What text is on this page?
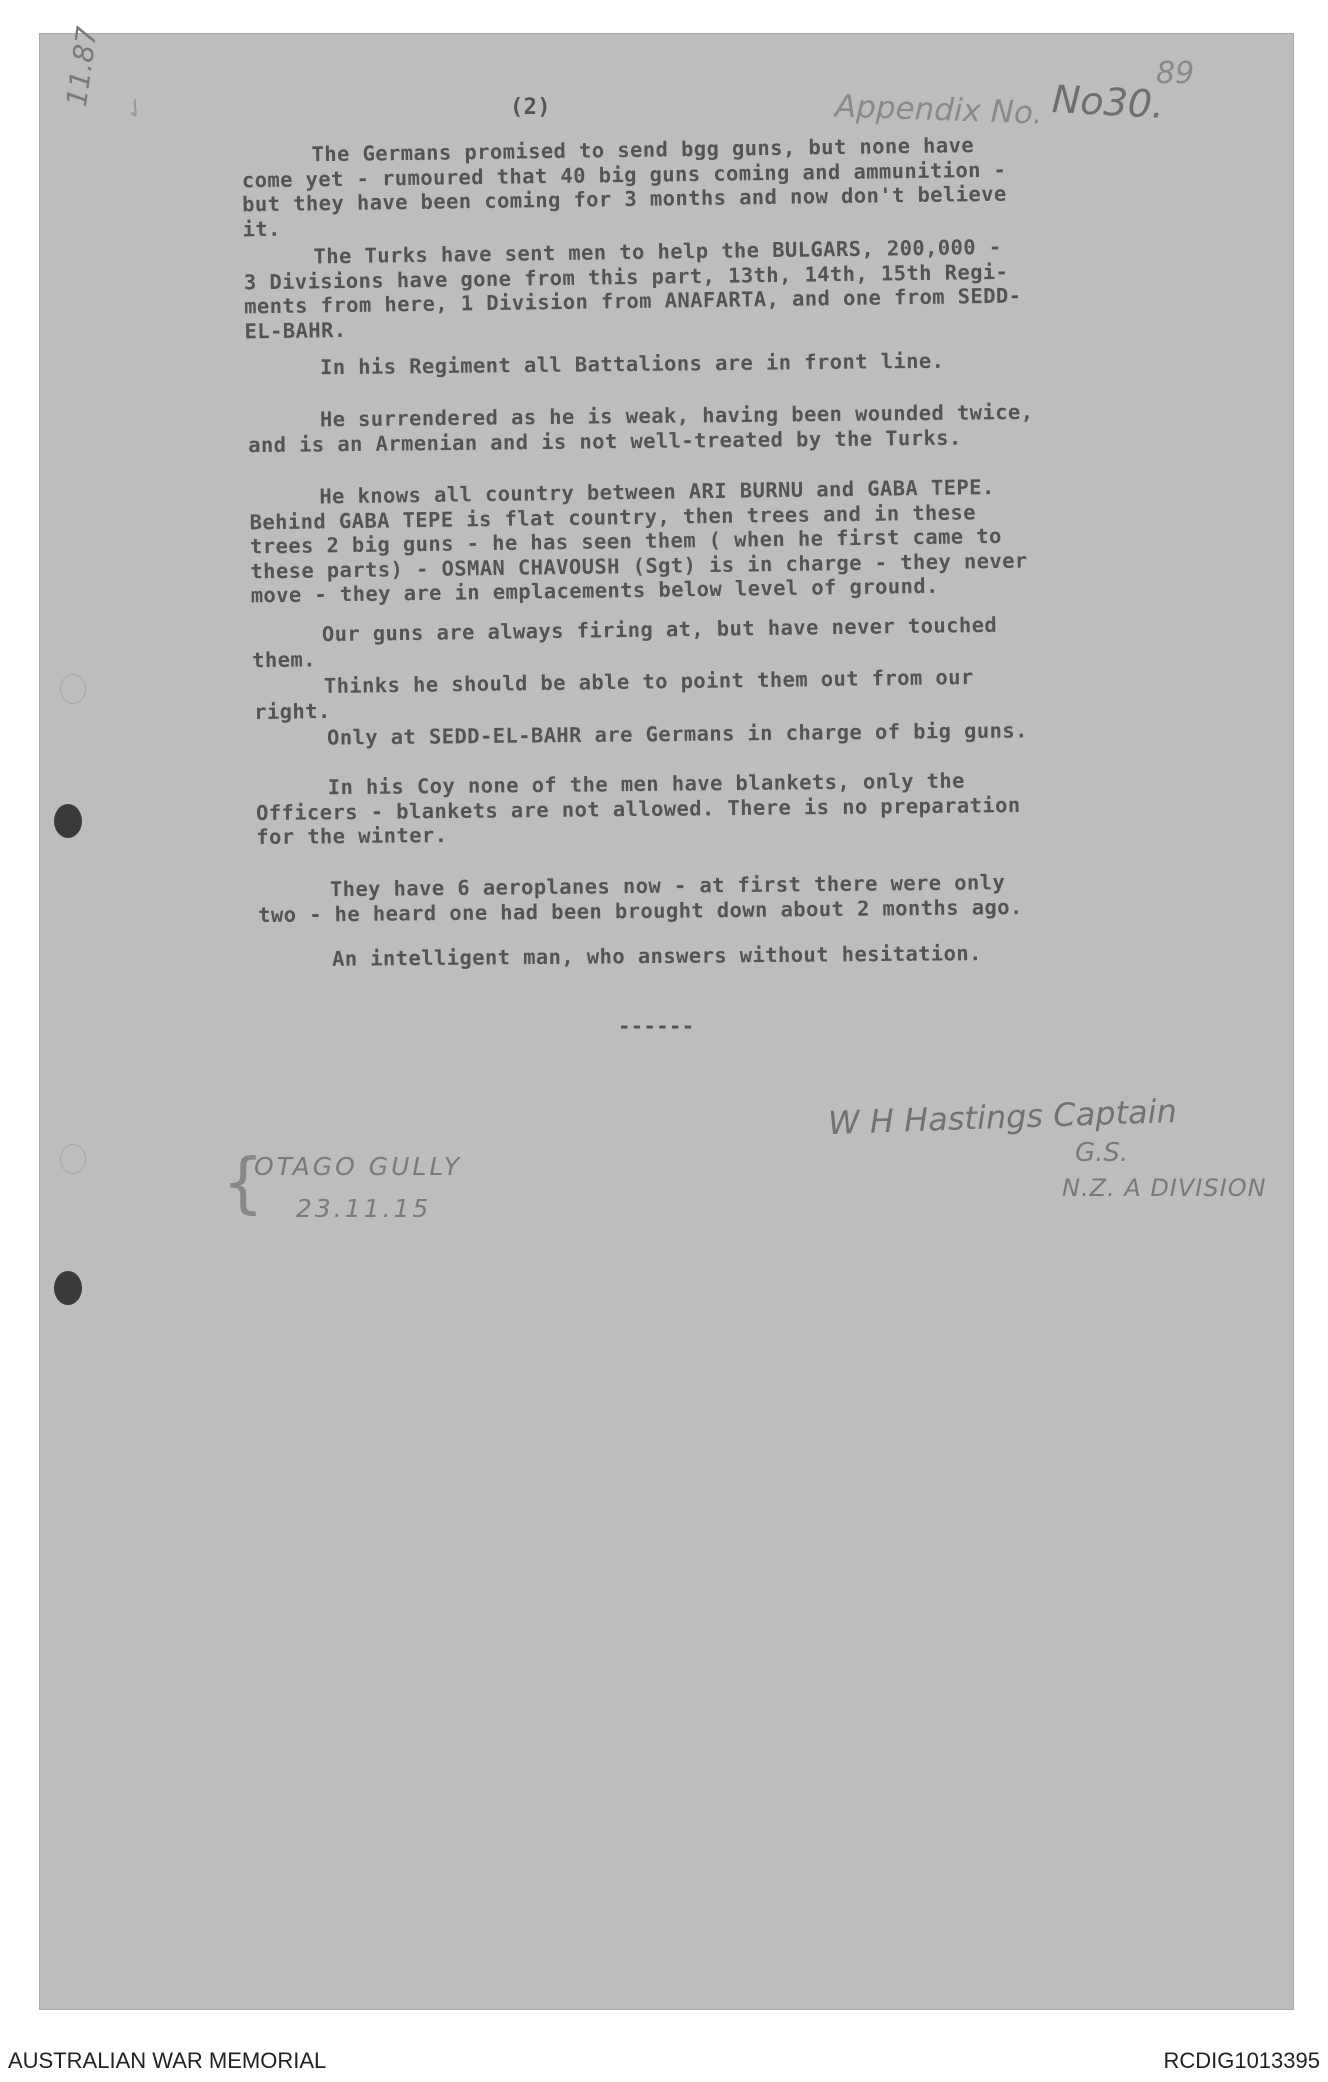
11.87
✓	(2)	Appendix No. No30.
89
The Germans promised to send bgg guns, but none have
come yet - rumoured that 40 big guns coming and ammunition -
but they have been coming for 3 months and now don't believe
it.
The Turks have sent men to help the BULGARS, 200,000 -
3 Divisions have gone from this part, 13th, 14th, 15th Regi-
ments from here, 1 Division from ANAFARTA, and one from SEDD-
EL-BAHR.
In his Regiment all Battalions are in front line.
He surrendered as he is weak, having been wounded twice,
and is an Armenian and is not well-treated by the Turks.
He knows all country between ARI BURNU and GABA TEPE.
Behind GABA TEPE is flat country, then trees and in these
trees 2 big guns - he has seen them ( when he first came to
these parts) - OSMAN CHAVOUSH (Sgt) is in charge - they never
move - they are in emplacements below level of ground.
Our guns are always firing at, but have never touched
them.
Thinks he should be able to point them out from our
right.
Only at SEDD-EL-BAHR are Germans in charge of big guns.
In his Coy none of the men have blankets, only the
Officers - blankets are not allowed. There is no preparation
for the winter.
They have 6 aeroplanes now - at first there were only
two - he heard one had been brought down about 2 months ago.
An intelligent man, who answers without hesitation.
------
{
OTAGO GULLY
23.11.15
W H Hastings Captain
G.S.
N.Z. A DIVISION
AUSTRALIAN WAR MEMORIAL	RCDIG1013395
